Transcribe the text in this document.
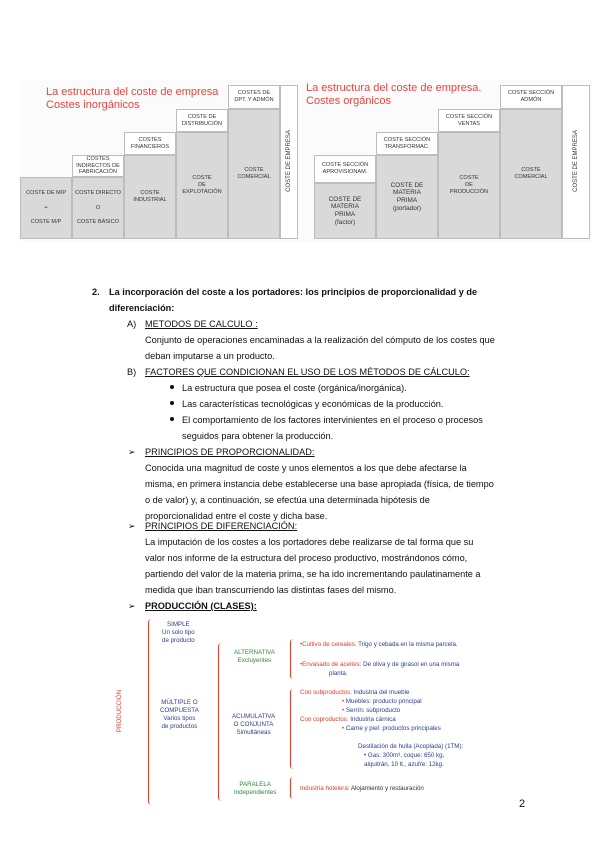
La estructura del coste de empresa
Costes inorgánicos
COSTE DE M/P
+
COSTE M/P
COSTES
INDIRECTOS DE
FABRICACIÓN
COSTE DIRECTO
O
COSTE BÁSICO
COSTES
FINANCIEROS
COSTE
INDUSTRIAL
COSTE DE
DISTRIBUCIÓN
COSTE
DE
EXPLOTACIÓN
COSTES DE
DPT. Y ADMÓN
COSTE
COMERCIAL	COSTE DE EMPRESA
La estructura del coste de empresa.
Costes orgánicos
COSTE SECCIÓN
APROVISIONAM.
COSTE DE
MATERIA
PRIMA
(factor)
COSTE SECCIÓN
TRANSFORMAC.
COSTE DE
MATERIA
PRIMA
(portador)
COSTE SECCIÓN
VENTAS
COSTE
DE
PRODUCCIÓN
COSTE SECCIÓN
ADMÓN
COSTE
COMERCIAL	COSTE DE EMPRESA
2. La incorporación del coste a los portadores: los principios de proporcionalidad y de
diferenciación:
A) METODOS DE CALCULO :
Conjunto de operaciones encaminadas a la realización del cómputo de los costes que
deban imputarse a un producto.
B) FACTORES QUE CONDICIONAN EL USO DE LOS MÉTODOS DE CÁLCULO:
La estructura que posea el coste (orgánica/inorgánica).
Las características tecnológicas y económicas de la producción.
El comportamiento de los factores intervinientes en el proceso o procesos
seguidos para obtener la producción.
➢ PRINCIPIOS DE PROPORCIONALIDAD:
Conocida una magnitud de coste y unos elementos a los que debe afectarse la
misma, en primera instancia debe establecerse una base apropiada (física, de tiempo
o de valor) y, a continuación, se efectúa una determinada hipótesis de
proporcionalidad entre el coste y dicha base.
➢ PRINCIPIOS DE DIFERENCIACIÓN:
La imputación de los costes a los portadores debe realizarse de tal forma que su
valor nos informe de la estructura del proceso productivo, mostrándonos cómo,
partiendo del valor de la materia prima, se ha ido incrementando paulatinamente a
medida que iban transcurriendo las distintas fases del mismo.
➢ PRODUCCIÓN (CLASES):
PRODUCCIÓN
SIMPLE
Un solo tipo
de producto
MÚLTIPLE O
COMPUESTA
Varios tipos
de productos
ALTERNATIVA
Excluyentes
ACUMULATIVA
O CONJUNTA
Simultáneas
PARALELA
Independientes
•Cultivo de cereales: Trigo y cebada en la misma parcela.
•Envasado de aceites: De oliva y de girasol en una misma
planta.
Con subproductos: Industria del mueble
• Muebles: producto principal
• Serrín: subproducto
Con coproductos: Industria cárnica
• Carne y piel: productos principales
Destilación de hulla (Acoplada) (1TM):
• Gas: 300m³, coque: 650 kg,
alquitrán, 10 lt., azufre: 12kg.
Industria hotelera: Alojamiento y restauración
2
